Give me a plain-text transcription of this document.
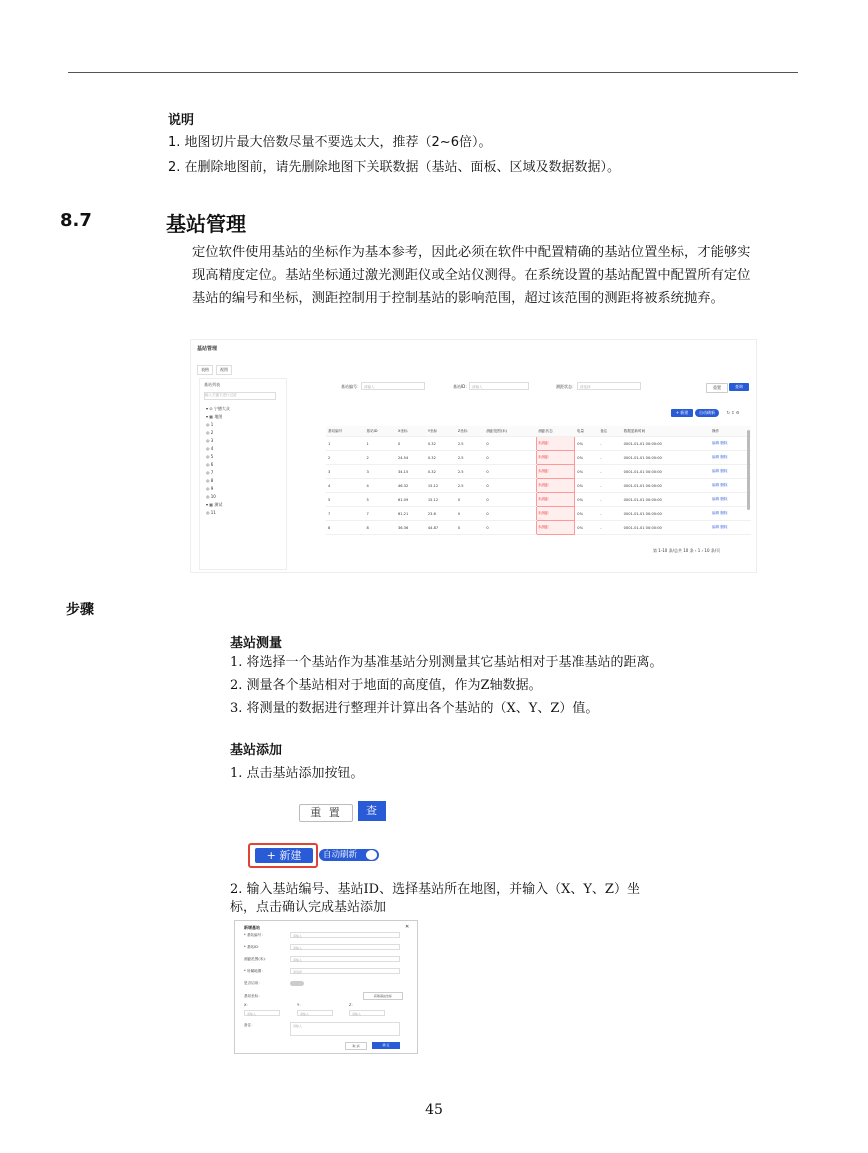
说明
1. 地图切片最大倍数尽量不要选太大，推荐（2~6倍）。
2. 在删除地图前，请先删除地图下关联数据（基站、面板、区域及数据数据）。
8.7	基站管理
定位软件使用基站的坐标作为基本参考，因此必须在软件中配置精确的基站位置坐标，才能够实现高精度定位。基站坐标通过激光测距仪或全站仪测得。在系统设置的基站配置中配置所有定位基站的编号和坐标，测距控制用于控制基站的影响范围，超过该范围的测距将被系统抛弃。
基站管理
表格	视图
基站列表
输入关键字进行过滤
▾ ⊙ 宁德大众
▾ ▦ 地图
◎ 1
◎ 2
◎ 3
◎ 4
◎ 5
◎ 6
◎ 7
◎ 8
◎ 9
◎ 10
▾ ▦ 测试
◎ 11
基站编号： 请输入	基站ID： 请输入	测距状态：	请选择	重置	查询
+ 新建	自动刷新	↻ ↕ ⚙
基站编号	基站ID	X坐标	Y坐标	Z坐标	测距范围(米)	测距状态	电量	备注	数据更新时间	操作
1	1	0	0.32	2.5	0	未测距	0%	-	0001-01-01 00:00:00	编辑 删除
2	2	24.54	0.32	2.5	0	未测距	0%	-	0001-01-01 00:00:00	编辑 删除
3	3	34.15	0.32	2.5	0	未测距	0%	-	0001-01-01 00:00:00	编辑 删除
4	4	46.32	15.12	2.5	0	未测距	0%	-	0001-01-01 00:00:00	编辑 删除
5	5	61.09	15.12	0	0	未测距	0%	-	0001-01-01 00:00:00	编辑 删除
7	7	61.21	23.6	0	0	未测距	0%	-	0001-01-01 00:00:00	编辑 删除
8	8	36.36	44.87	0	0	未测距	0%	-	0001-01-01 00:00:00	编辑 删除
第 1-10 条/总共 10 条 ‹ 1 › 10 条/页
步骤
基站测量
1. 将选择一个基站作为基准基站分别测量其它基站相对于基准基站的距离。
2. 测量各个基站相对于地面的高度值，作为Z轴数据。
3. 将测量的数据进行整理并计算出各个基站的（X、Y、Z）值。
基站添加
1. 点击基站添加按钮。
重 置	查 询
+ 新建	自动刷新
2. 输入基站编号、基站ID、选择基站所在地图，并输入（X、Y、Z）坐
标，点击确认完成基站添加
新增基站	✕
* 基站编号：	请输入
* 基站ID：	请输入
测距范围(米)：	请输入
* 所属地图：	请选择
是否启用：
基站坐标：	获取基站坐标
X：	Y：	Z：
请输入	请输入	请输入
备注：	请输入
取 消	确 定
45
